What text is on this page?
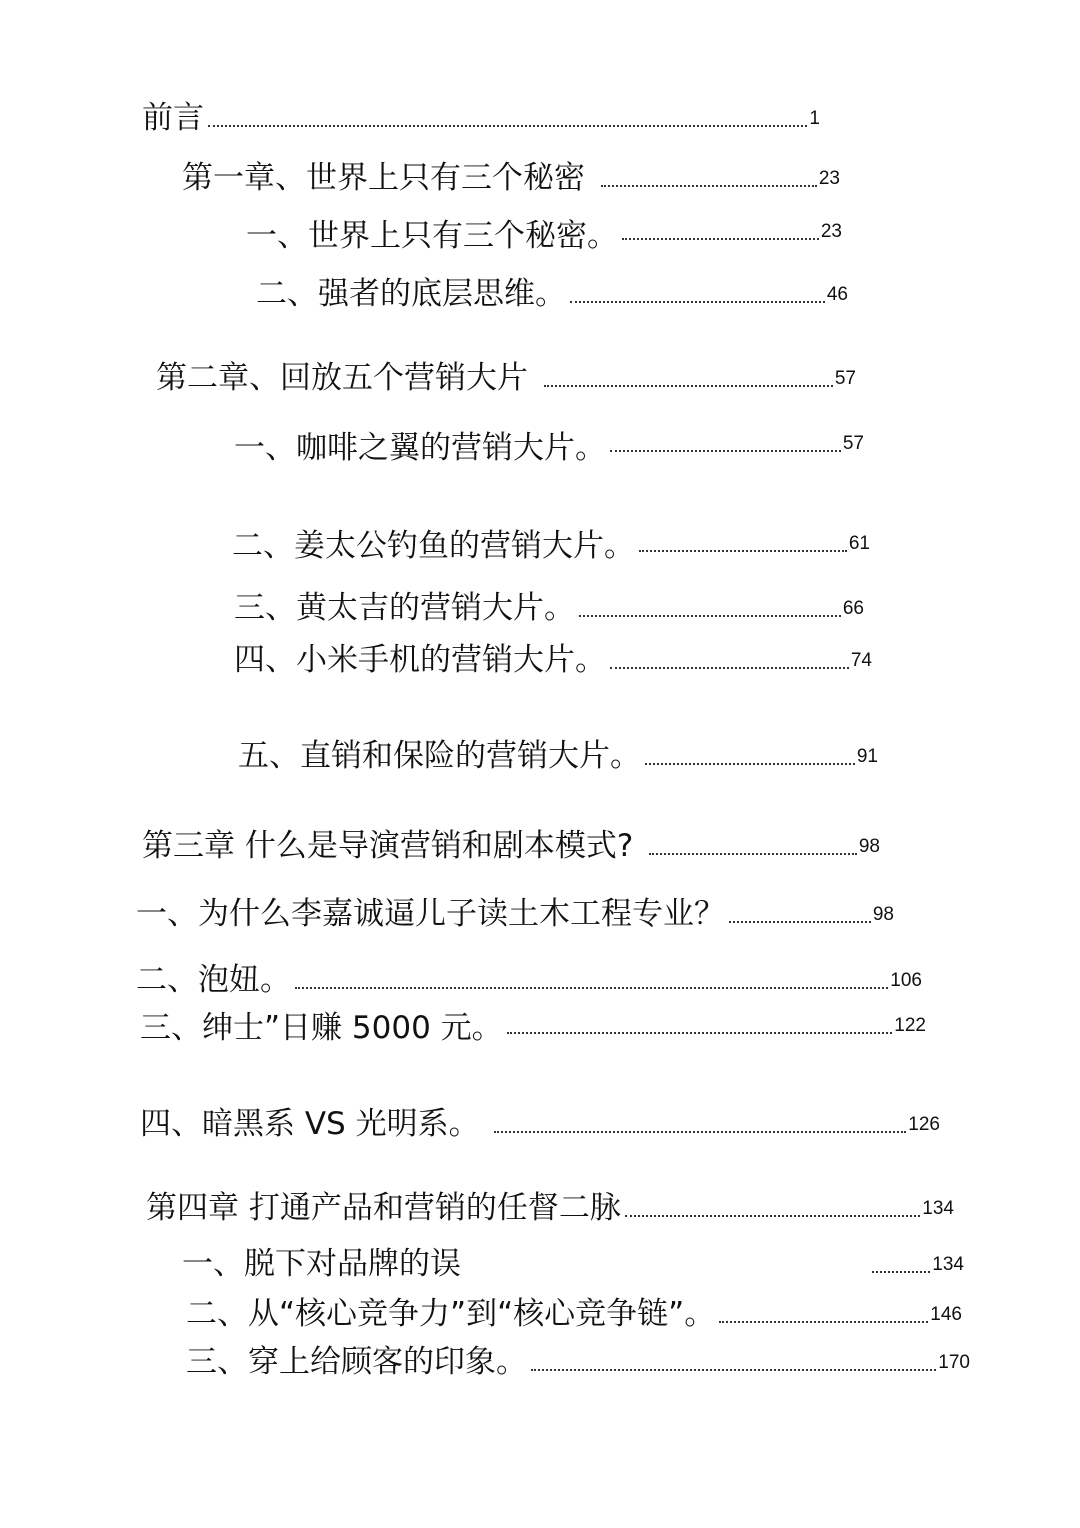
前言	1
第一章、世界上只有三个秘密	23
一、世界上只有三个秘密。	23
二、强者的底层思维。	46
第二章、回放五个营销大片	57
一、咖啡之翼的营销大片。	57
二、姜太公钓鱼的营销大片。	61
三、黄太吉的营销大片。	66
四、小米手机的营销大片。	74
五、直销和保险的营销大片。	91
第三章 什么是导演营销和剧本模式?	98
一、为什么李嘉诚逼儿子读土木工程专业？	98
二、泡妞。	106
三、绅士”日赚 5000 元。	122
四、暗黑系 VS 光明系。	126
第四章 打通产品和营销的任督二脉	134
一、脱下对品牌的误	134
二、从“核心竞争力”到“核心竞争链”。	146
三、穿上给顾客的印象。	170
